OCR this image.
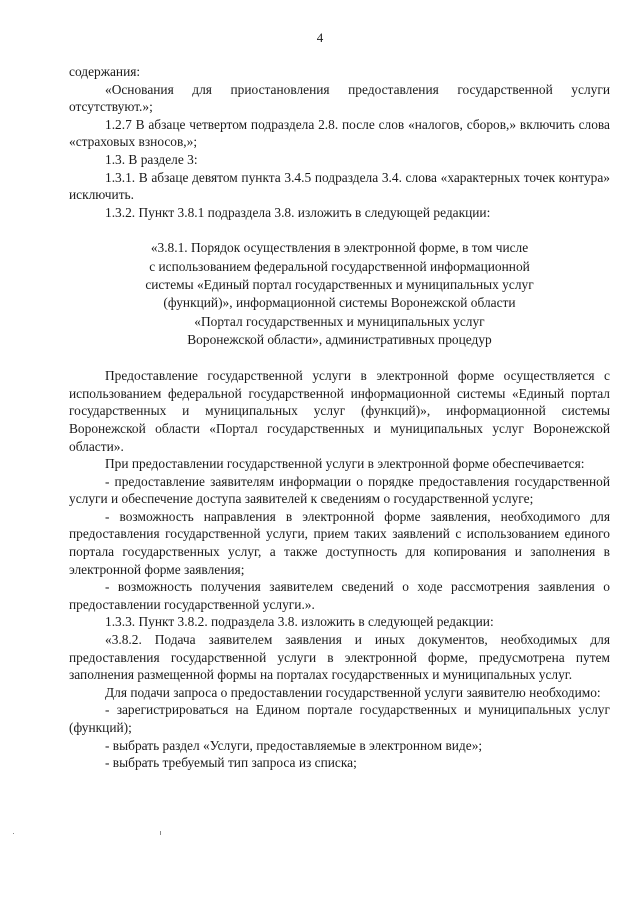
4

содержания:

«Основания для приостановления предоставления государственной услуги отсутствуют.»;

1.2.7 В абзаце четвертом подраздела 2.8. после слов «налогов, сборов,» включить слова «страховых взносов,»;

1.3. В разделе 3:

1.3.1. В абзаце девятом пункта 3.4.5 подраздела 3.4. слова «характерных точек контура» исключить.

1.3.2. Пункт 3.8.1 подраздела 3.8. изложить в следующей редакции:

«3.8.1. Порядок осуществления в электронной форме, в том числе

с использованием федеральной государственной информационной

системы «Единый портал государственных и муниципальных услуг

(функций)», информационной системы Воронежской области

«Портал государственных и муниципальных услуг

Воронежской области», административных процедур

Предоставление государственной услуги в электронной форме осуществляется с использованием федеральной государственной информационной системы «Единый портал государственных и муниципальных услуг (функций)», информационной системы Воронежской области «Портал государственных и муниципальных услуг Воронежской области».

При предоставлении государственной услуги в электронной форме обеспечивается:

- предоставление заявителям информации о порядке предоставления государственной услуги и обеспечение доступа заявителей к сведениям о государственной услуге;

- возможность направления в электронной форме заявления, необходимого для предоставления государственной услуги, прием таких заявлений с использованием единого портала государственных услуг, а также доступность для копирования и заполнения в электронной форме заявления;

- возможность получения заявителем сведений о ходе рассмотрения заявления о предоставлении государственной услуги.».

1.3.3. Пункт 3.8.2. подраздела 3.8. изложить в следующей редакции:

«3.8.2. Подача заявителем заявления и иных документов, необходимых для предоставления государственной услуги в электронной форме, предусмотрена путем заполнения размещенной формы на порталах государственных и муниципальных услуг.

Для подачи запроса о предоставлении государственной услуги заявителю необходимо:

- зарегистрироваться на Едином портале государственных и муниципальных услуг (функций);

- выбрать раздел «Услуги, предоставляемые в электронном виде»;

- выбрать требуемый тип запроса из списка;
